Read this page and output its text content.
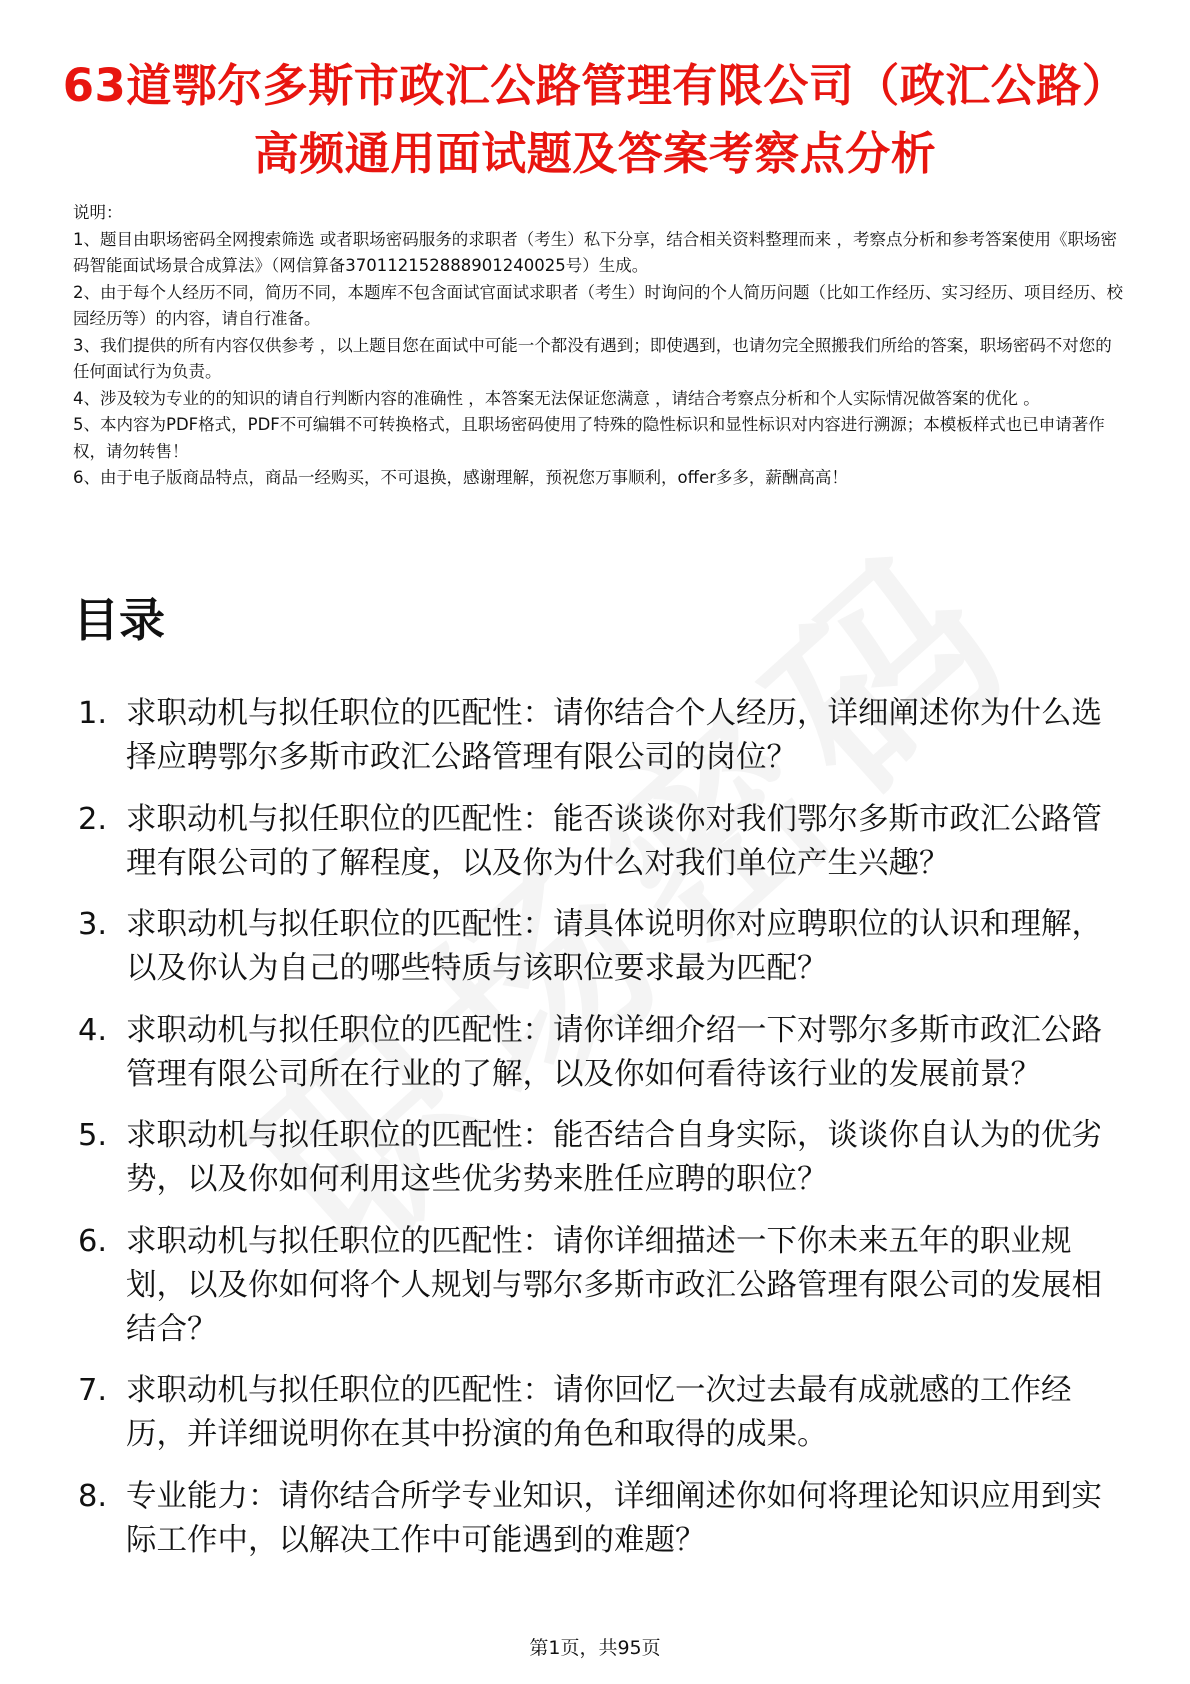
63道鄂尔多斯市政汇公路管理有限公司（政汇公路）高频通用面试题及答案考察点分析

说明：

1、题目由职场密码全网搜索筛选 或者职场密码服务的求职者（考生）私下分享，结合相关资料整理而来 ，考察点分析和参考答案使用《职场密码智能面试场景合成算法》（网信算备370112152888901240025号）生成。

2、由于每个人经历不同，简历不同，本题库不包含面试官面试求职者（考生）时询问的个人简历问题（比如工作经历、实习经历、项目经历、校园经历等）的内容，请自行准备。

3、我们提供的所有内容仅供参考 ，以上题目您在面试中可能一个都没有遇到；即使遇到，也请勿完全照搬我们所给的答案，职场密码不对您的任何面试行为负责。

4、涉及较为专业的的知识的请自行判断内容的准确性 ，本答案无法保证您满意 ，请结合考察点分析和个人实际情况做答案的优化 。

5、本内容为PDF格式，PDF不可编辑不可转换格式，且职场密码使用了特殊的隐性标识和显性标识对内容进行溯源；本模板样式也已申请著作权，请勿转售！

6、由于电子版商品特点，商品一经购买，不可退换，感谢理解，预祝您万事顺利，offer多多，薪酬高高！

目录
1. 求职动机与拟任职位的匹配性：请你结合个人经历，详细阐述你为什么选择应聘鄂尔多斯市政汇公路管理有限公司的岗位？
2. 求职动机与拟任职位的匹配性：能否谈谈你对我们鄂尔多斯市政汇公路管理有限公司的了解程度，以及你为什么对我们单位产生兴趣？
3. 求职动机与拟任职位的匹配性：请具体说明你对应聘职位的认识和理解，以及你认为自己的哪些特质与该职位要求最为匹配？
4. 求职动机与拟任职位的匹配性：请你详细介绍一下对鄂尔多斯市政汇公路管理有限公司所在行业的了解，以及你如何看待该行业的发展前景？
5. 求职动机与拟任职位的匹配性：能否结合自身实际，谈谈你自认为的优劣势，以及你如何利用这些优劣势来胜任应聘的职位？
6. 求职动机与拟任职位的匹配性：请你详细描述一下你未来五年的职业规划，以及你如何将个人规划与鄂尔多斯市政汇公路管理有限公司的发展相结合？
7. 求职动机与拟任职位的匹配性：请你回忆一次过去最有成就感的工作经历，并详细说明你在其中扮演的角色和取得的成果。
8. 专业能力：请你结合所学专业知识，详细阐述你如何将理论知识应用到实际工作中，以解决工作中可能遇到的难题？
第1页，共95页
